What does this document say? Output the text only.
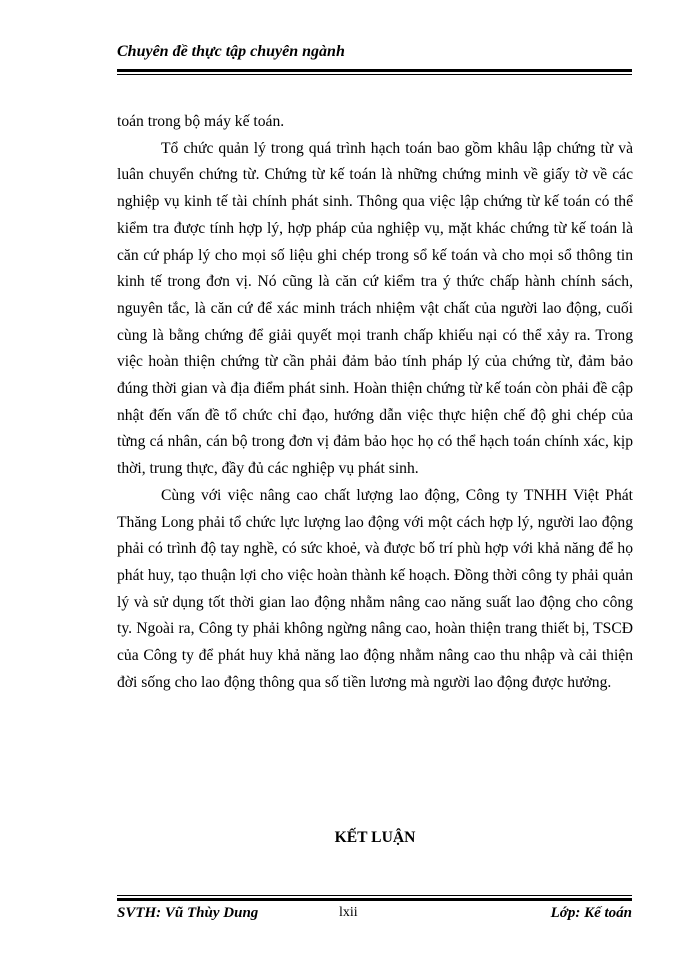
Chuyên đề thực tập chuyên ngành

toán trong bộ máy kế toán.

Tổ chức quản lý trong quá trình hạch toán bao gồm khâu lập chứng từ và luân chuyển chứng từ. Chứng từ kế toán là những chứng minh về giấy tờ về các nghiệp vụ kinh tế tài chính phát sinh. Thông qua việc lập chứng từ kế toán có thể kiểm tra được tính hợp lý, hợp pháp của nghiệp vụ, mặt khác chứng từ kế toán là căn cứ pháp lý cho mọi số liệu ghi chép trong sổ kế toán và cho mọi sổ thông tin kinh tế trong đơn vị. Nó cũng là căn cứ kiểm tra ý thức chấp hành chính sách, nguyên tắc, là căn cứ để xác minh trách nhiệm vật chất của người lao động, cuối cùng là bằng chứng để giải quyết mọi tranh chấp khiếu nại có thể xảy ra. Trong việc hoàn thiện chứng từ cần phải đảm bảo tính pháp lý của chứng từ, đảm bảo đúng thời gian và địa điểm phát sinh. Hoàn thiện chứng từ kế toán còn phải đề cập nhật đến vấn đề tổ chức chỉ đạo, hướng dẫn việc thực hiện chế độ ghi chép của từng cá nhân, cán bộ trong đơn vị đảm bảo học họ có thể hạch toán chính xác, kịp thời, trung thực, đầy đủ các nghiệp vụ phát sinh.

Cùng với việc nâng cao chất lượng lao động, Công ty TNHH Việt Phát Thăng Long phải tổ chức lực lượng lao động với một cách hợp lý, người lao động phải có trình độ tay nghề, có sức khoẻ, và được bố trí phù hợp với khả năng để họ phát huy, tạo thuận lợi cho việc hoàn thành kế hoạch. Đồng thời công ty phải quản lý và sử dụng tốt thời gian lao động nhằm nâng cao năng suất lao động cho công ty. Ngoài ra, Công ty phải không ngừng nâng cao, hoàn thiện trang thiết bị, TSCĐ của Công ty để phát huy khả năng lao động nhằm nâng cao thu nhập và cải thiện đời sống cho lao động thông qua số tiền lương mà người lao động được hưởng.

KẾT LUẬN

SVTH: Vũ Thùy Dung	lxii	Lớp: Kế toán
